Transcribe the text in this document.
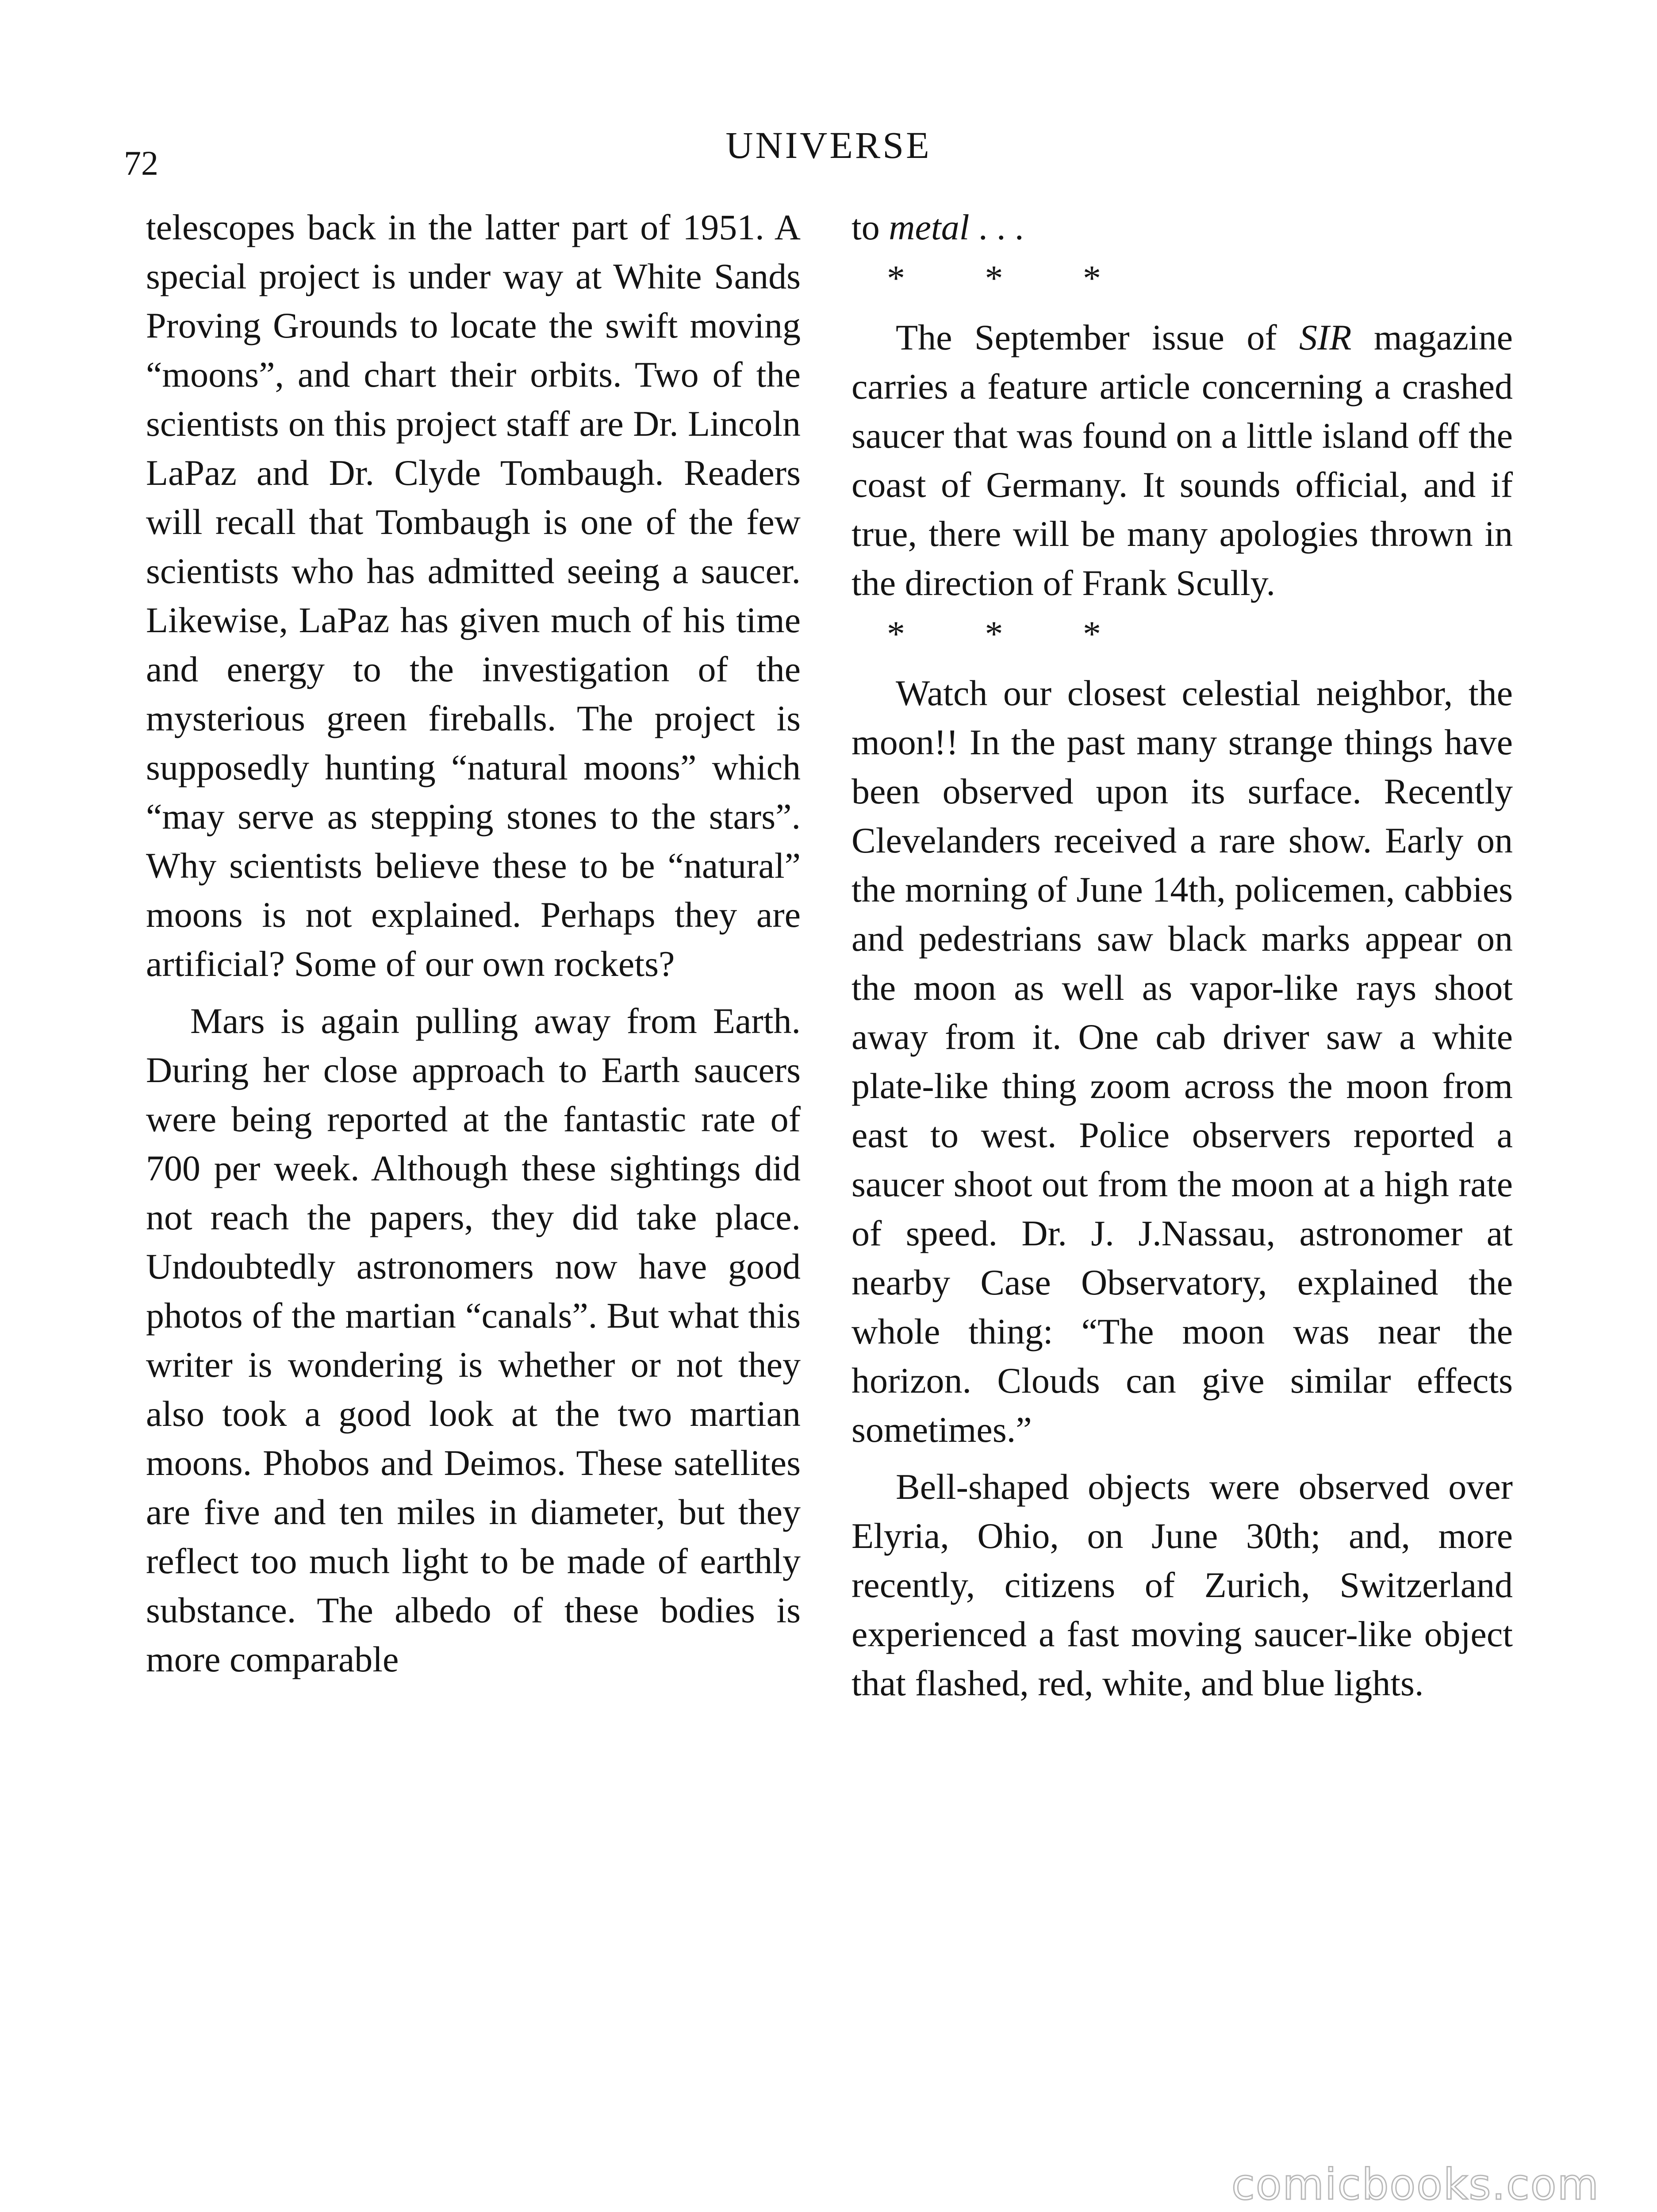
72	UNIVERSE

telescopes back in the latter part of 1951. A special project is under way at White Sands Proving Grounds to locate the swift moving “moons”, and chart their orbits. Two of the scientists on this project staff are Dr. Lincoln LaPaz and Dr. Clyde Tombaugh. Readers will recall that Tombaugh is one of the few scientists who has admitted seeing a saucer. Likewise, LaPaz has given much of his time and energy to the investigation of the mysterious green fireballs. The project is supposedly hunting “natural moons” which “may serve as stepping stones to the stars”. Why scientists believe these to be “natural” moons is not explained. Perhaps they are artificial? Some of our own rockets?

Mars is again pulling away from Earth. During her close approach to Earth saucers were being reported at the fantastic rate of 700 per week. Although these sightings did not reach the papers, they did take place. Undoubtedly astronomers now have good photos of the martian “canals”. But what this writer is wondering is whether or not they also took a good look at the two martian moons. Phobos and Deimos. These satellites are five and ten miles in diameter, but they reflect too much light to be made of earthly substance. The albedo of these bodies is more comparable

to metal . . .

* * *

The September issue of SIR magazine carries a feature article concerning a crashed saucer that was found on a little island off the coast of Germany. It sounds official, and if true, there will be many apologies thrown in the direction of Frank Scully.

* * *

Watch our closest celestial neighbor, the moon!! In the past many strange things have been observed upon its surface. Recently Clevelanders received a rare show. Early on the morning of June 14th, policemen, cabbies and pedestrians saw black marks appear on the moon as well as vapor-like rays shoot away from it. One cab driver saw a white plate-like thing zoom across the moon from east to west. Police observers reported a saucer shoot out from the moon at a high rate of speed. Dr. J. J.Nassau, astronomer at nearby Case Observatory, explained the whole thing: “The moon was near the horizon. Clouds can give similar effects sometimes.”

Bell-shaped objects were observed over Elyria, Ohio, on June 30th; and, more recently, citizens of Zurich, Switzerland experienced a fast moving saucer-like object that flashed, red, white, and blue lights.

comicbooks.com
